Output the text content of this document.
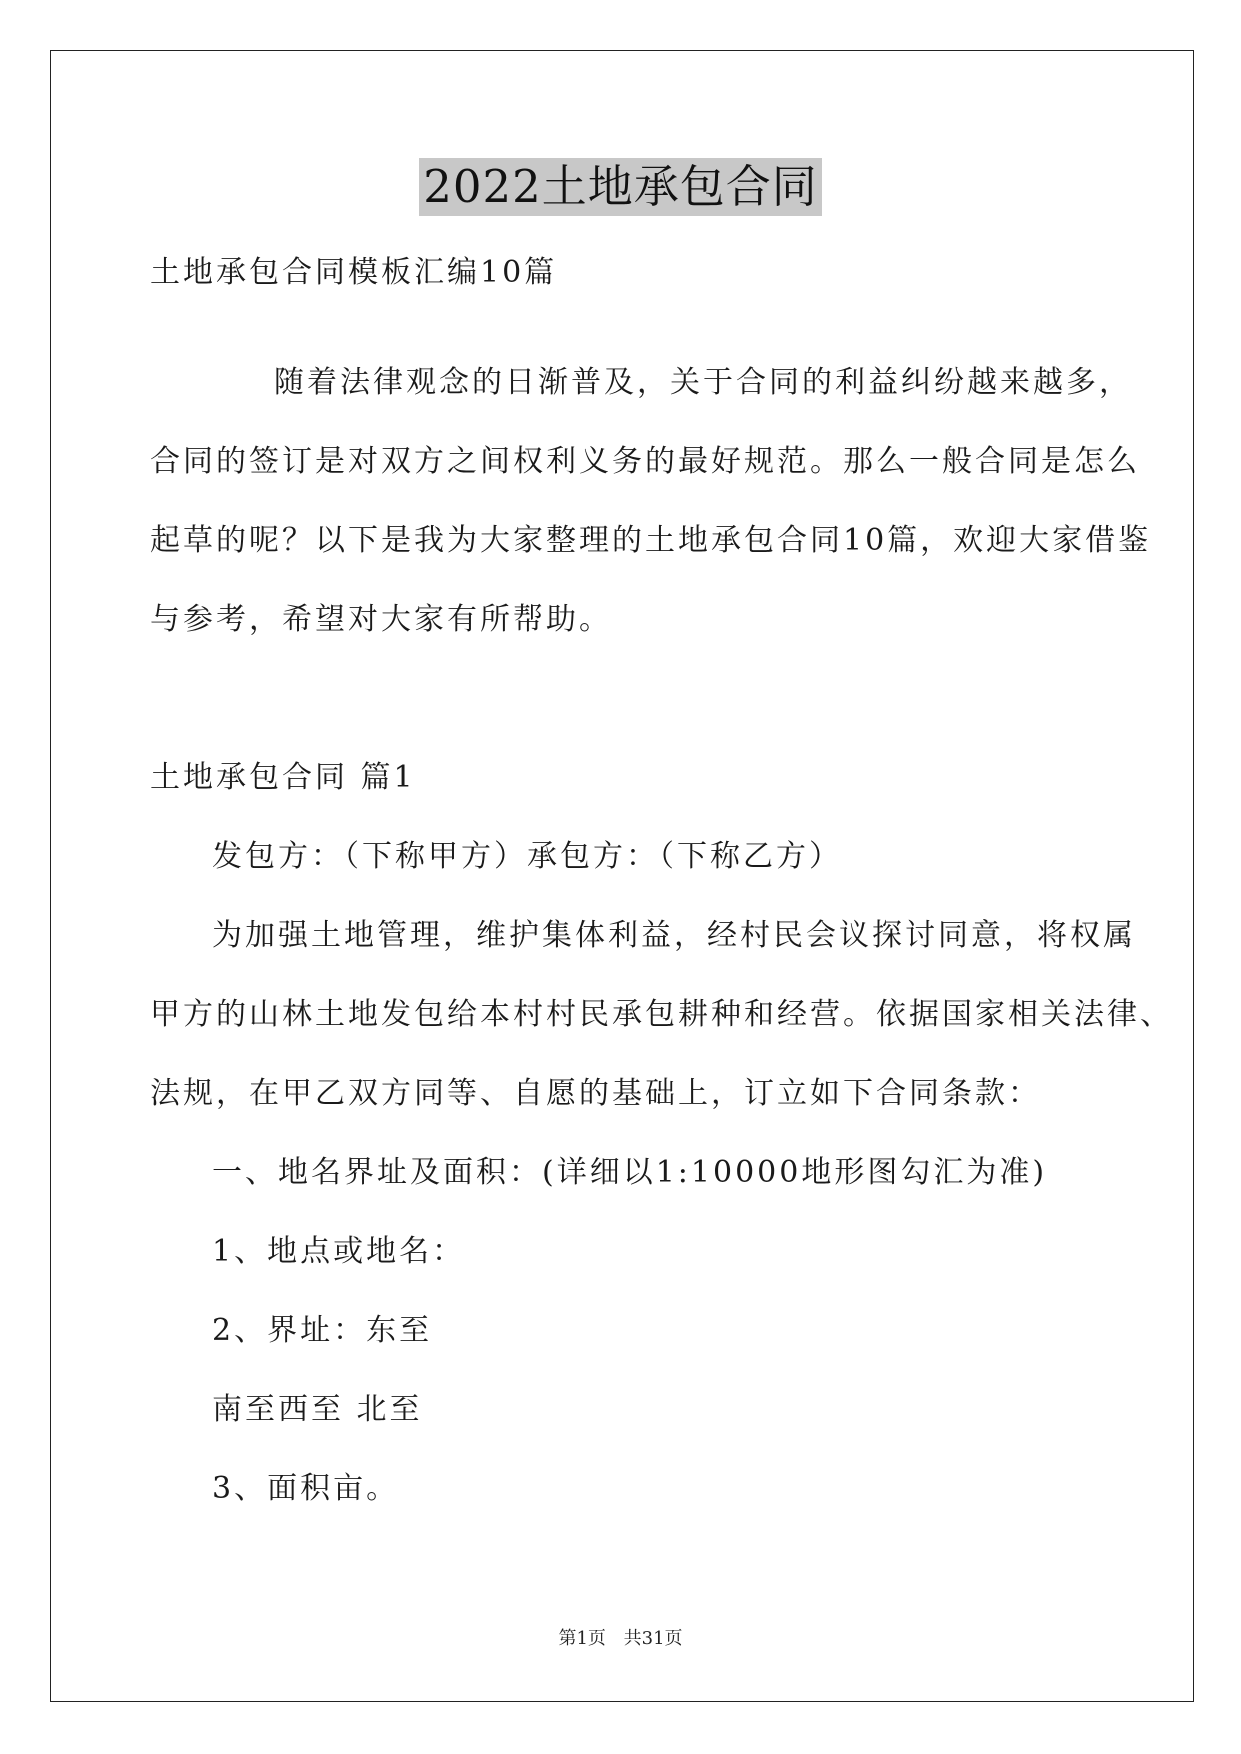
2022土地承包合同
土地承包合同模板汇编10篇
随着法律观念的日渐普及，关于合同的利益纠纷越来越多，
合同的签订是对双方之间权利义务的最好规范。那么一般合同是怎么
起草的呢？以下是我为大家整理的土地承包合同10篇，欢迎大家借鉴
与参考，希望对大家有所帮助。
土地承包合同 篇1
发包方：（下称甲方）承包方：（下称乙方）
为加强土地管理，维护集体利益，经村民会议探讨同意，将权属
甲方的山林土地发包给本村村民承包耕种和经营。依据国家相关法律、
法规，在甲乙双方同等、自愿的基础上，订立如下合同条款：
一、地名界址及面积：(详细以1:10000地形图勾汇为准)
1、地点或地名：
2、界址：东至
南至西至 北至
3、面积亩。
第1页 共31页
